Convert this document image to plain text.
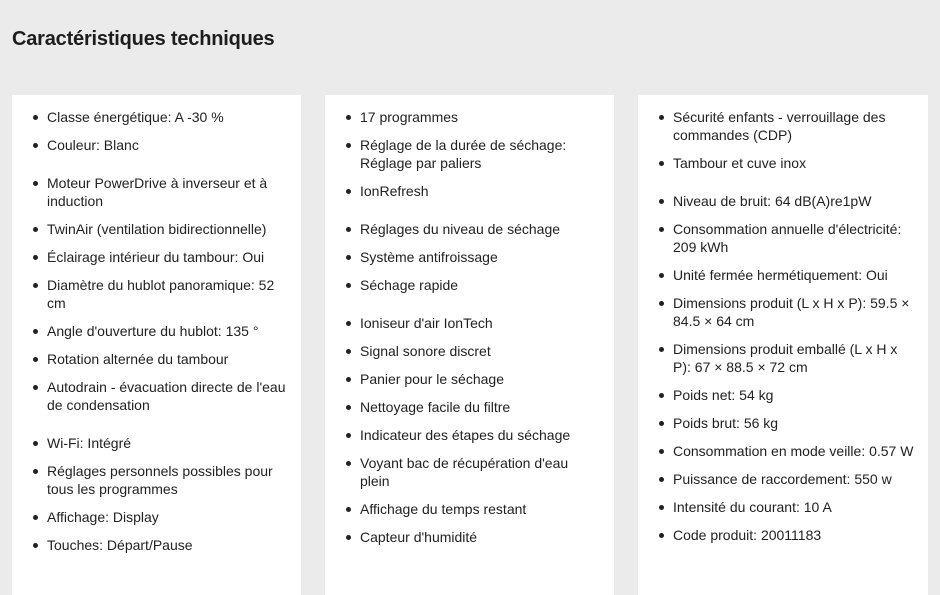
Caractéristiques techniques
Classe énergétique: A -30 %
Couleur: Blanc
Moteur PowerDrive à inverseur et à induction
TwinAir (ventilation bidirectionnelle)
Éclairage intérieur du tambour: Oui
Diamètre du hublot panoramique: 52 cm
Angle d'ouverture du hublot: 135 °
Rotation alternée du tambour
Autodrain - évacuation directe de l'eau de condensation
Wi-Fi: Intégré
Réglages personnels possibles pour tous les programmes
Affichage: Display
Touches: Départ/Pause
17 programmes
Réglage de la durée de séchage: Réglage par paliers
IonRefresh
Réglages du niveau de séchage
Système antifroissage
Séchage rapide
Ioniseur d'air IonTech
Signal sonore discret
Panier pour le séchage
Nettoyage facile du filtre
Indicateur des étapes du séchage
Voyant bac de récupération d'eau plein
Affichage du temps restant
Capteur d'humidité
Sécurité enfants - verrouillage des commandes (CDP)
Tambour et cuve inox
Niveau de bruit: 64 dB(A)re1pW
Consommation annuelle d'électricité: 209 kWh
Unité fermée hermétiquement: Oui
Dimensions produit (L x H x P): 59.5 × 84.5 × 64 cm
Dimensions produit emballé (L x H x P): 67 × 88.5 × 72 cm
Poids net: 54 kg
Poids brut: 56 kg
Consommation en mode veille: 0.57 W
Puissance de raccordement: 550 w
Intensité du courant: 10 A
Code produit: 20011183
